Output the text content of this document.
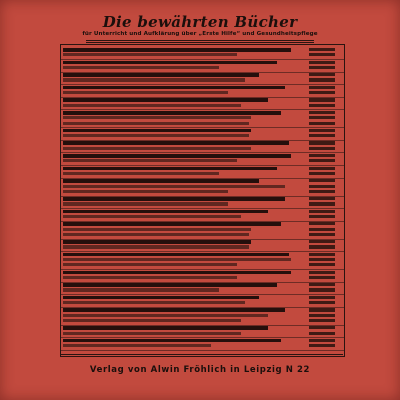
Die bewährten Bücher
für Unterricht und Aufklärung über „Erste Hilfe“ und Gesundheitspflege
Verlag von Alwin Fröhlich in Leipzig N 22
